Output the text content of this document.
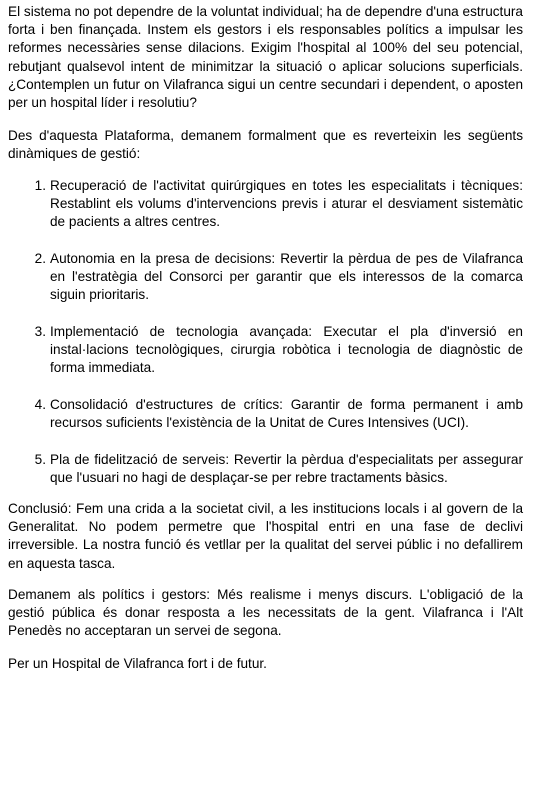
El sistema no pot dependre de la voluntat individual; ha de dependre d'una estructura forta i ben finançada. Instem els gestors i els responsables polítics a impulsar les reformes necessàries sense dilacions. Exigim l'hospital al 100% del seu potencial, rebutjant qualsevol intent de minimitzar la situació o aplicar solucions superficials. ¿Contemplen un futur on Vilafranca sigui un centre secundari i dependent, o aposten per un hospital líder i resolutiu?

Des d'aquesta Plataforma, demanem formalment que es reverteixin les següents dinàmiques de gestió:

1. Recuperació de l'activitat quirúrgiques en totes les especialitats i tècniques: Restablint els volums d'intervencions previs i aturar el desviament sistemàtic de pacients a altres centres.
2. Autonomia en la presa de decisions: Revertir la pèrdua de pes de Vilafranca en l'estratègia del Consorci per garantir que els interessos de la comarca siguin prioritaris.
3. Implementació de tecnologia avançada: Executar el pla d'inversió en instal·lacions tecnològiques, cirurgia robòtica i tecnologia de diagnòstic de forma immediata.
4. Consolidació d'estructures de crítics: Garantir de forma permanent i amb recursos suficients l'existència de la Unitat de Cures Intensives (UCI).
5. Pla de fidelització de serveis: Revertir la pèrdua d'especialitats per assegurar que l'usuari no hagi de desplaçar-se per rebre tractaments bàsics.

Conclusió: Fem una crida a la societat civil, a les institucions locals i al govern de la Generalitat. No podem permetre que l'hospital entri en una fase de declivi irreversible. La nostra funció és vetllar per la qualitat del servei públic i no defallirem en aquesta tasca.

Demanem als polítics i gestors: Més realisme i menys discurs. L'obligació de la gestió pública és donar resposta a les necessitats de la gent. Vilafranca i l'Alt Penedès no acceptaran un servei de segona.

Per un Hospital de Vilafranca fort i de futur.
